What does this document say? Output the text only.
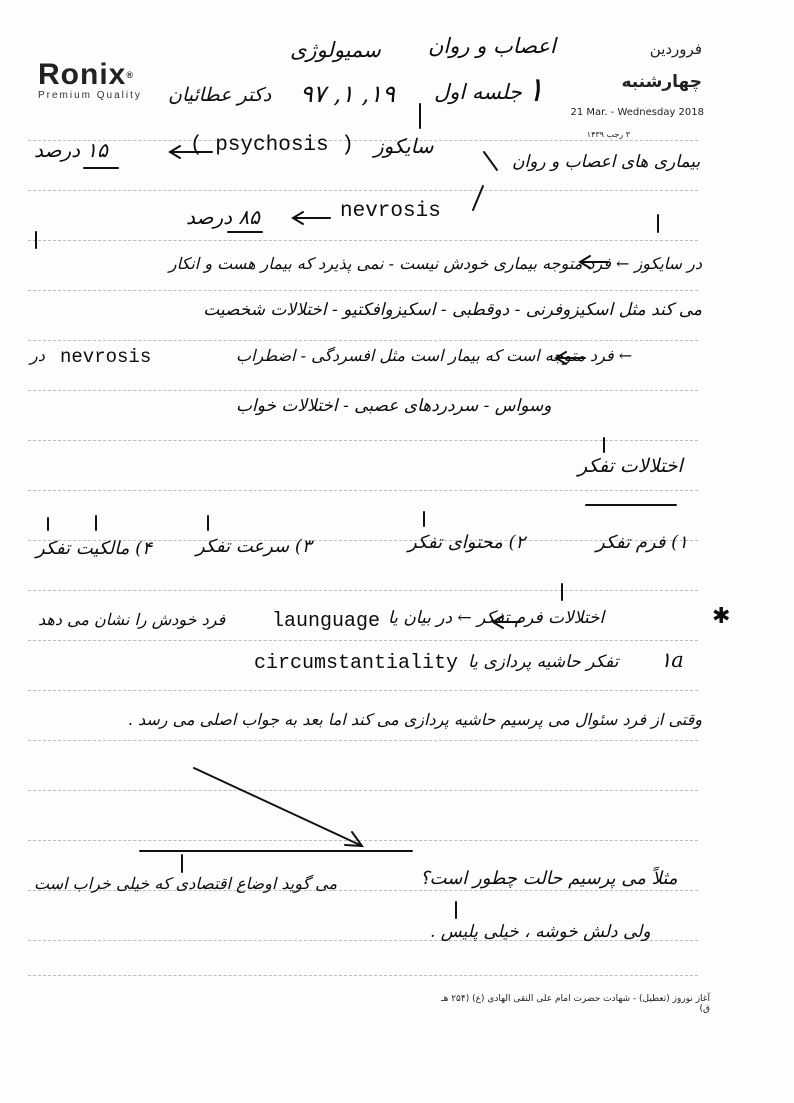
Ronix®
Premium Quality
فروردین
چهارشنبه
21 Mar. - Wednesday 2018
۳ رجب ۱۴۳۹
اعصاب و روان
سمیولوژی
دکتر عطائیان	۱
جلسه اول
۹۷ ,۱ ,۱۹
بیماری های اعصاب و روان
سایکوز
( psychosis )
۱۵ درصد
nevrosis
۸۵ درصد
در سایکوز ← فرد متوجه بیماری خودش نیست - نمی پذیرد که بیمار هست و انکار
می کند مثل اسکیزوفرنی - دوقطبی - اسکیزوافکتیو - اختلالات شخصیت
← فرد متوجه است که بیمار است مثل افسردگی - اضطراب
nevrosis
در
وسواس - سردردهای عصبی - اختلالات خواب
اختلالات تفکر
۱) فرم تفکر
۲) محتوای تفکر
۳) سرعت تفکر
۴) مالکیت تفکر
✱
اختلالات فرم تفکر ← در بیان یا
launguage
فرد خودش را نشان می دهد
۱a
تفکر حاشیه پردازی یا
circumstantiality
وقتی از فرد سئوال می پرسیم حاشیه پردازی می کند اما بعد به جواب اصلی می رسد .
مثلاً می پرسیم حالت چطور است؟
می گوید اوضاع اقتصادی که خیلی خراب است
ولی دلش خوشه ، خیلی پلیس .
آغاز نوروز (تعطیل) - شهادت حضرت امام علی النقی الهادی (ع) (۲۵۴ هـ ق)
